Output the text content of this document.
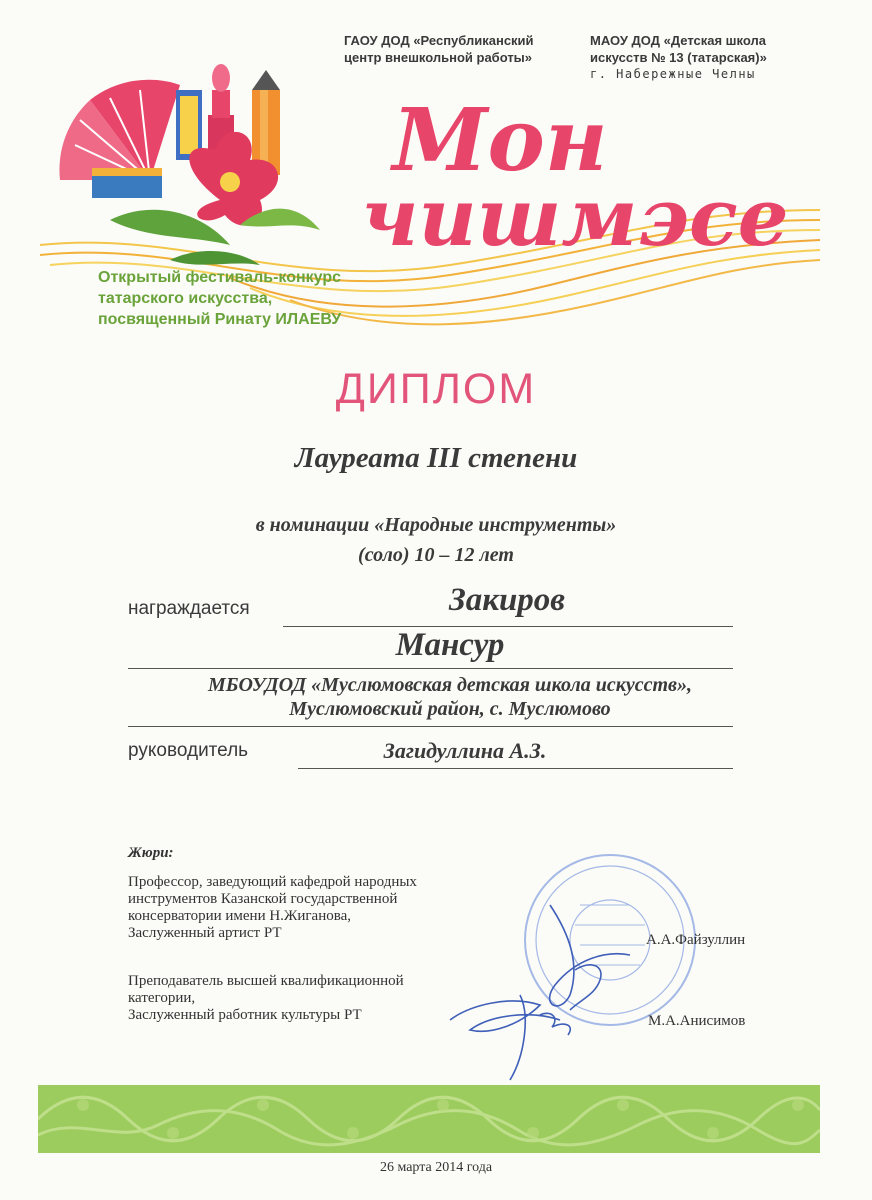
ГАОУ ДОД «Республиканский
центр внешкольной работы»
МАОУ ДОД «Детская школа
искусств № 13 (татарская)»
г. Набережные Челны
Мон
чишмэсе
Открытый фестиваль-конкурс
татарского искусства,
посвященный Ринату ИЛАЕВУ
ДИПЛОМ
Лауреата III степени
в номинации «Народные инструменты»
(соло) 10 – 12 лет
награждается	Закиров
Мансур
МБОУДОД «Муслюмовская детская школа искусств»,
Муслюмовский район, с. Муслюмово
руководитель	Загидуллина А.З.
Жюри:
Профессор, заведующий кафедрой народных
инструментов Казанской государственной
консерватории имени Н.Жиганова,
Заслуженный артист РТ
Преподаватель высшей квалификационной
категории,
Заслуженный работник культуры РТ
А.А.Файзуллин
М.А.Анисимов
26 марта 2014 года
